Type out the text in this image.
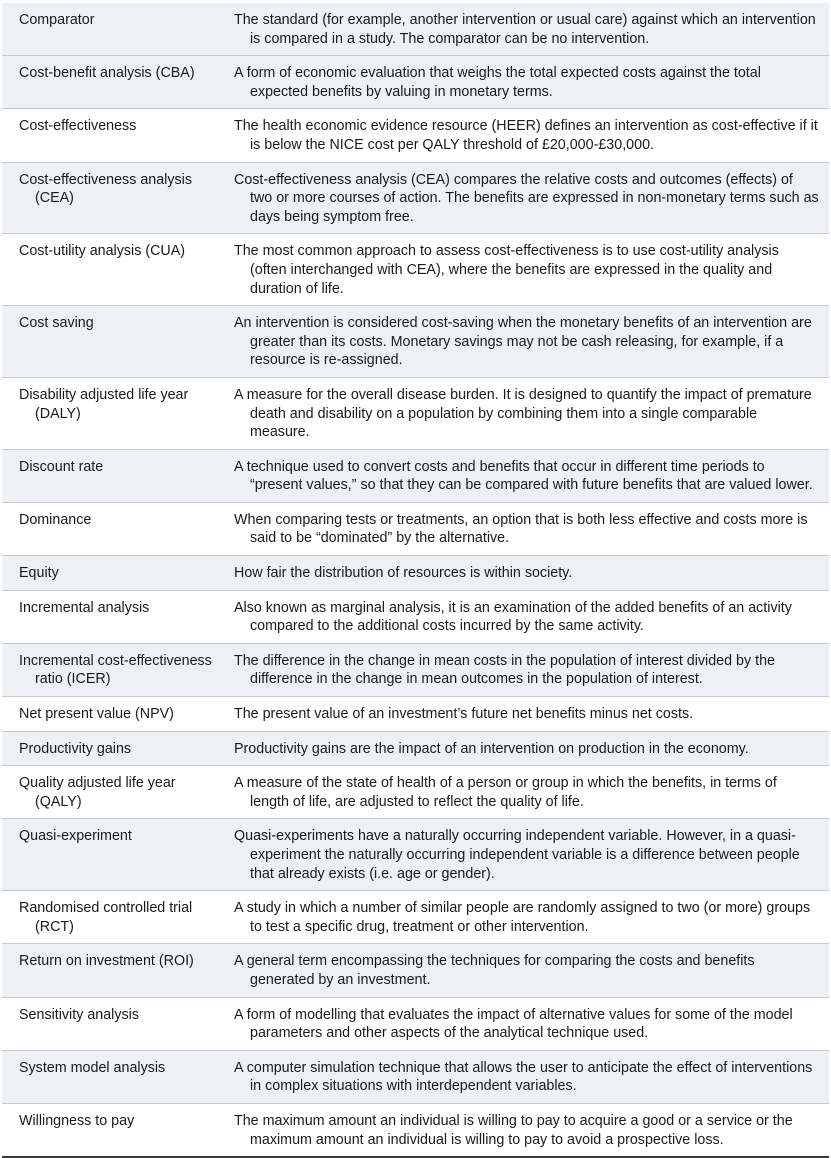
Comparator	The standard (for example, another intervention or usual care) against which an intervention is compared in a study. The comparator can be no intervention.

Cost-benefit analysis (CBA)	A form of economic evaluation that weighs the total expected costs against the total expected benefits by valuing in monetary terms.

Cost-effectiveness	The health economic evidence resource (HEER) defines an intervention as cost-effective if it is below the NICE cost per QALY threshold of £20,000-£30,000.

Cost-effectiveness analysis (CEA)	Cost-effectiveness analysis (CEA) compares the relative costs and outcomes (effects) of two or more courses of action. The benefits are expressed in non-monetary terms such as days being symptom free.

Cost-utility analysis (CUA)	The most common approach to assess cost-effectiveness is to use cost-utility analysis (often interchanged with CEA), where the benefits are expressed in the quality and duration of life.

Cost saving	An intervention is considered cost-saving when the monetary benefits of an intervention are greater than its costs. Monetary savings may not be cash releasing, for example, if a resource is re-assigned.

Disability adjusted life year (DALY)	A measure for the overall disease burden. It is designed to quantify the impact of premature death and disability on a population by combining them into a single comparable measure.

Discount rate	A technique used to convert costs and benefits that occur in different time periods to “present values,” so that they can be compared with future benefits that are valued lower.

Dominance	When comparing tests or treatments, an option that is both less effective and costs more is said to be “dominated” by the alternative.

Equity	How fair the distribution of resources is within society.

Incremental analysis	Also known as marginal analysis, it is an examination of the added benefits of an activity compared to the additional costs incurred by the same activity.

Incremental cost-effectiveness ratio (ICER)	The difference in the change in mean costs in the population of interest divided by the difference in the change in mean outcomes in the population of interest.

Net present value (NPV)	The present value of an investment’s future net benefits minus net costs.

Productivity gains	Productivity gains are the impact of an intervention on production in the economy.

Quality adjusted life year (QALY)	A measure of the state of health of a person or group in which the benefits, in terms of length of life, are adjusted to reflect the quality of life.

Quasi-experiment	Quasi-experiments have a naturally occurring independent variable. However, in a quasi-experiment the naturally occurring independent variable is a difference between people that already exists (i.e. age or gender).

Randomised controlled trial (RCT)	A study in which a number of similar people are randomly assigned to two (or more) groups to test a specific drug, treatment or other intervention.

Return on investment (ROI)	A general term encompassing the techniques for comparing the costs and benefits generated by an investment.

Sensitivity analysis	A form of modelling that evaluates the impact of alternative values for some of the model parameters and other aspects of the analytical technique used.

System model analysis	A computer simulation technique that allows the user to anticipate the effect of interventions in complex situations with interdependent variables.

Willingness to pay	The maximum amount an individual is willing to pay to acquire a good or a service or the maximum amount an individual is willing to pay to avoid a prospective loss.
